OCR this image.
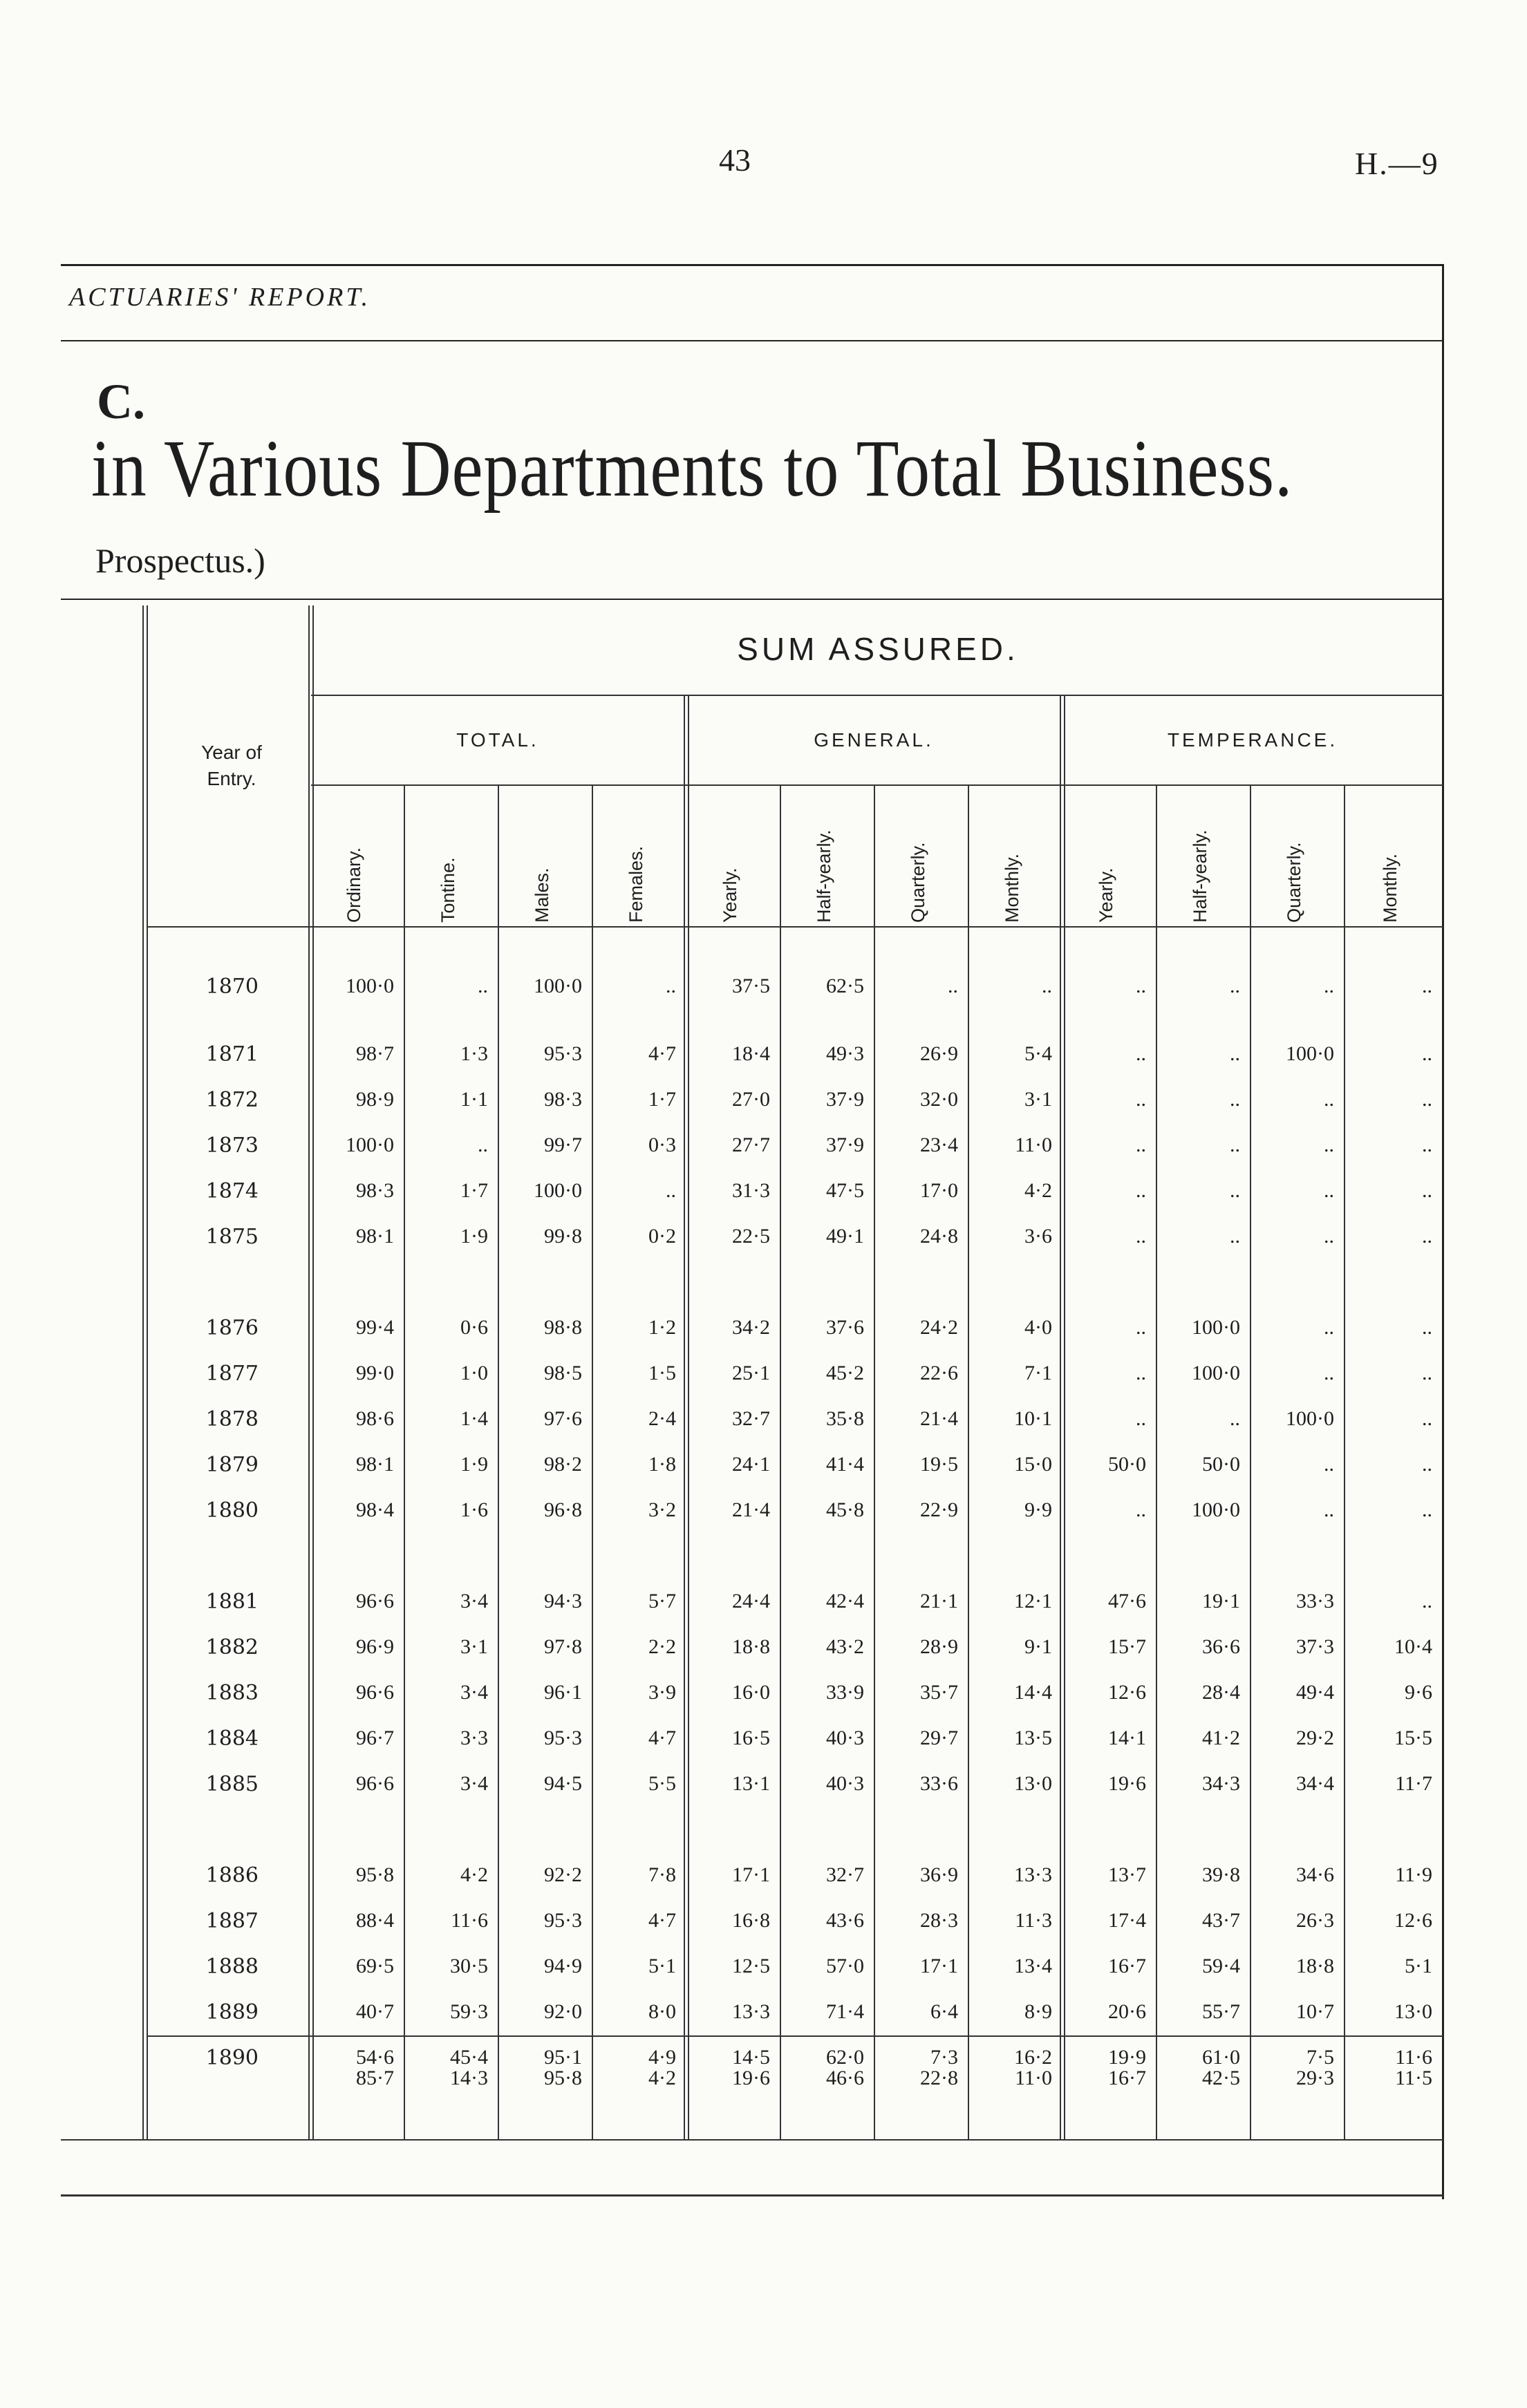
43	H.—9
ACTUARIES' REPORT.
C.
in Various Departments to Total Business.
Prospectus.)
SUM ASSURED.
Year of
Entry.
TOTAL.	GENERAL.	TEMPERANCE.
Ordinary.	Tontine.	Males.	Females.	Yearly.	Half-yearly.	Quarterly.	Monthly.	Yearly.	Half-yearly.	Quarterly.	Monthly.
1870	100·0	..	100·0	..	37·5	62·5	..	..	..	..	..	..
1871	98·7	1·3	95·3	4·7	18·4	49·3	26·9	5·4	..	..	100·0	..
1872	98·9	1·1	98·3	1·7	27·0	37·9	32·0	3·1	..	..	..	..
1873	100·0	..	99·7	0·3	27·7	37·9	23·4	11·0	..	..	..	..
1874	98·3	1·7	100·0	..	31·3	47·5	17·0	4·2	..	..	..	..
1875	98·1	1·9	99·8	0·2	22·5	49·1	24·8	3·6	..	..	..	..
1876	99·4	0·6	98·8	1·2	34·2	37·6	24·2	4·0	..	100·0	..	..
1877	99·0	1·0	98·5	1·5	25·1	45·2	22·6	7·1	..	100·0	..	..
1878	98·6	1·4	97·6	2·4	32·7	35·8	21·4	10·1	..	..	100·0	..
1879	98·1	1·9	98·2	1·8	24·1	41·4	19·5	15·0	50·0	50·0	..	..
1880	98·4	1·6	96·8	3·2	21·4	45·8	22·9	9·9	..	100·0	..	..
1881	96·6	3·4	94·3	5·7	24·4	42·4	21·1	12·1	47·6	19·1	33·3	..
1882	96·9	3·1	97·8	2·2	18·8	43·2	28·9	9·1	15·7	36·6	37·3	10·4
1883	96·6	3·4	96·1	3·9	16·0	33·9	35·7	14·4	12·6	28·4	49·4	9·6
1884	96·7	3·3	95·3	4·7	16·5	40·3	29·7	13·5	14·1	41·2	29·2	15·5
1885	96·6	3·4	94·5	5·5	13·1	40·3	33·6	13·0	19·6	34·3	34·4	11·7
1886	95·8	4·2	92·2	7·8	17·1	32·7	36·9	13·3	13·7	39·8	34·6	11·9
1887	88·4	11·6	95·3	4·7	16·8	43·6	28·3	11·3	17·4	43·7	26·3	12·6
1888	69·5	30·5	94·9	5·1	12·5	57·0	17·1	13·4	16·7	59·4	18·8	5·1
1889	40·7	59·3	92·0	8·0	13·3	71·4	6·4	8·9	20·6	55·7	10·7	13·0
1890	54·6	45·4	95·1	4·9	14·5	62·0	7·3	16·2	19·9	61·0	7·5	11·6
85·7	14·3	95·8	4·2	19·6	46·6	22·8	11·0	16·7	42·5	29·3	11·5
